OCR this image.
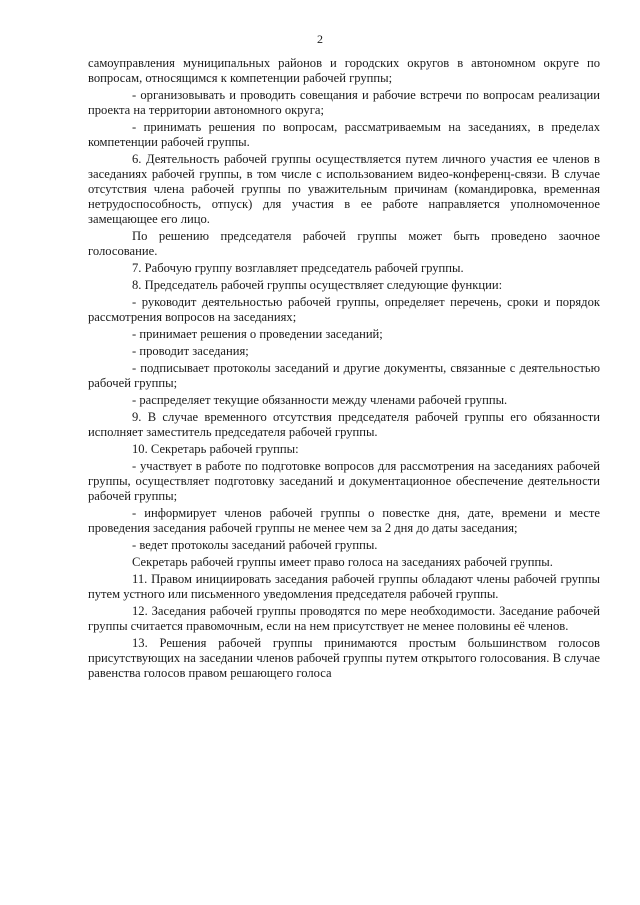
2

самоуправления муниципальных районов и городских округов в автономном округе по вопросам, относящимся к компетенции рабочей группы;

- организовывать и проводить совещания и рабочие встречи по вопросам реализации проекта на территории автономного округа;

- принимать решения по вопросам, рассматриваемым на заседаниях, в пределах компетенции рабочей группы.

6. Деятельность рабочей группы осуществляется путем личного участия ее членов в заседаниях рабочей группы, в том числе с использованием видео-конференц-связи. В случае отсутствия члена рабочей группы по уважительным причинам (командировка, временная нетрудоспособность, отпуск) для участия в ее работе направляется уполномоченное замещающее его лицо.

По решению председателя рабочей группы может быть проведено заочное голосование.

7. Рабочую группу возглавляет председатель рабочей группы.

8. Председатель рабочей группы осуществляет следующие функции:

- руководит деятельностью рабочей группы, определяет перечень, сроки и порядок рассмотрения вопросов на заседаниях;

- принимает решения о проведении заседаний;

- проводит заседания;

- подписывает протоколы заседаний и другие документы, связанные с деятельностью рабочей группы;

- распределяет текущие обязанности между членами рабочей группы.

9. В случае временного отсутствия председателя рабочей группы его обязанности исполняет заместитель председателя рабочей группы.

10. Секретарь рабочей группы:

- участвует в работе по подготовке вопросов для рассмотрения на заседаниях рабочей группы, осуществляет подготовку заседаний и документационное обеспечение деятельности рабочей группы;

- информирует членов рабочей группы о повестке дня, дате, времени и месте проведения заседания рабочей группы не менее чем за 2 дня до даты заседания;

- ведет протоколы заседаний рабочей группы.

Секретарь рабочей группы имеет право голоса на заседаниях рабочей группы.

11. Правом инициировать заседания рабочей группы обладают члены рабочей группы путем устного или письменного уведомления председателя рабочей группы.

12. Заседания рабочей группы проводятся по мере необходимости. Заседание рабочей группы считается правомочным, если на нем присутствует не менее половины её членов.

13. Решения рабочей группы принимаются простым большинством голосов присутствующих на заседании членов рабочей группы путем открытого голосования. В случае равенства голосов правом решающего голоса
